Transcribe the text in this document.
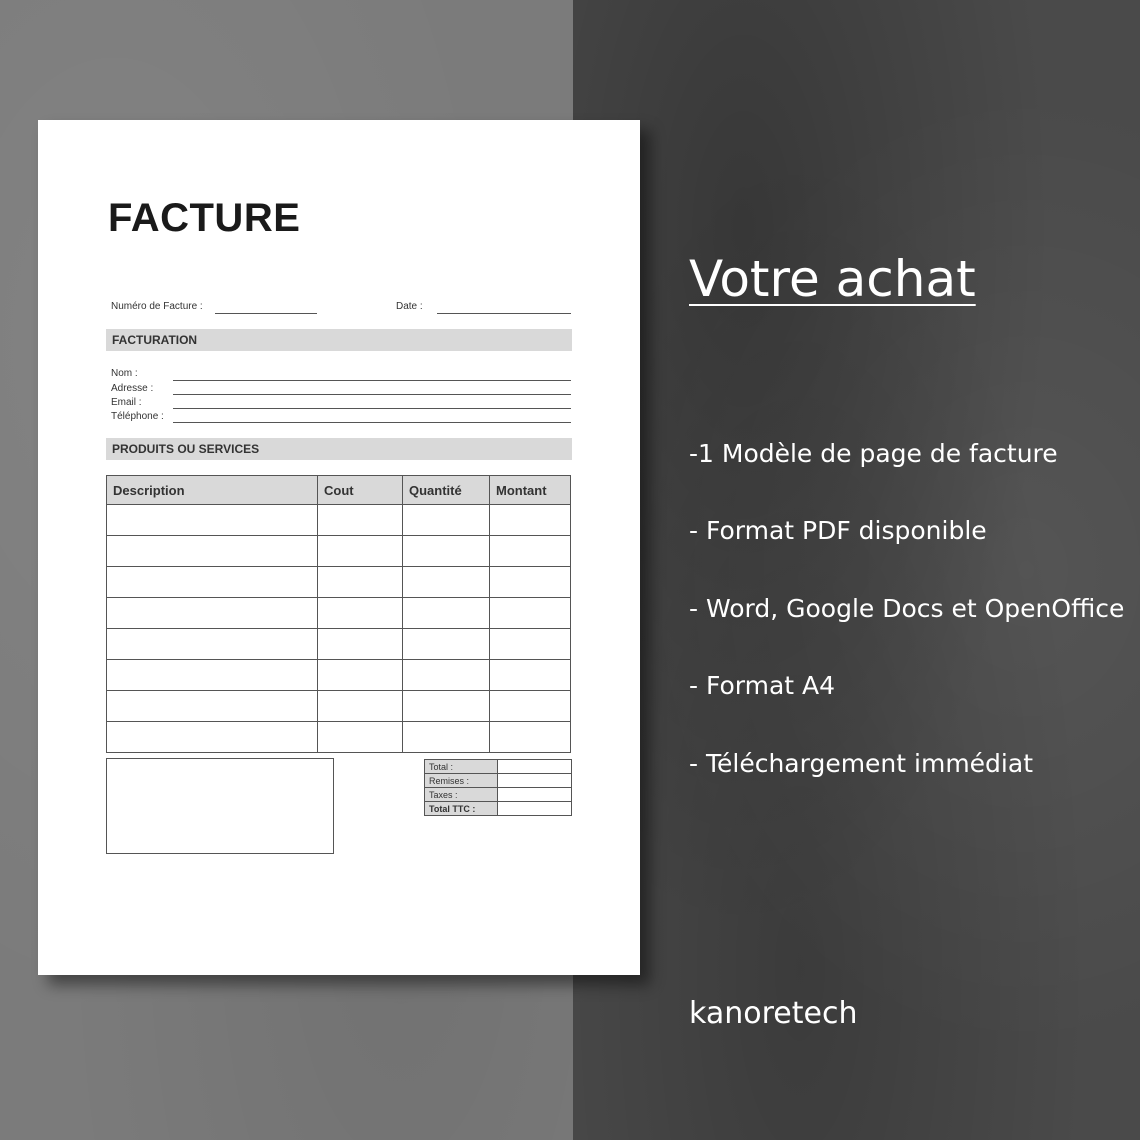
FACTURE
Numéro de Facture :	Date :
FACTURATION
Nom :
Adresse :
Email :
Téléphone :
PRODUITS OU SERVICES
Description	Cout	Quantité	Montant

Total :	
Remises :	
Taxes :	
Total TTC :	
Votre achat
-1 Modèle de page de facture
- Format PDF disponible
- Word, Google Docs et OpenOffice
- Format A4
- Téléchargement immédiat
kanoretech
